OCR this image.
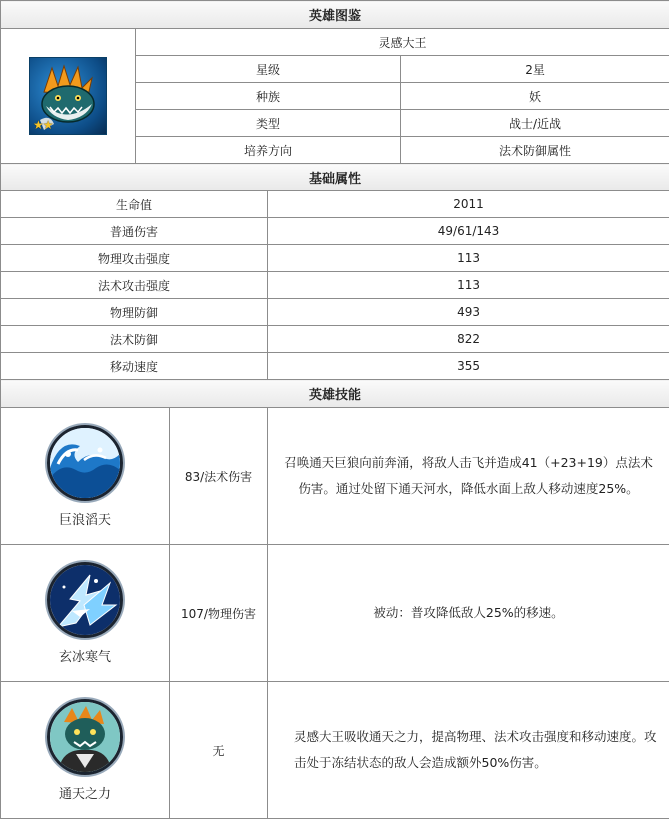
英雄图鉴				

★★	灵感大王			
	星级			2星
	种族			妖
	类型			战士/近战
	培养方向			法术防御属性
基础属性				
生命值			2011	
普通伤害			49/61/143	
物理攻击强度			113	
法术攻击强度			113	
物理防御			493	
法术防御			822	
移动速度			355	
英雄技能				

巨浪滔天		83/法术伤害	召唤通天巨狼向前奔涌，将敌人击飞并造成41（+23+19）点法术伤害。通过处留下通天河水，降低水面上敌人移动速度25%。	

玄冰寒气		107/物理伤害	被动：普攻降低敌人25%的移速。	

通天之力		无	灵感大王吸收通天之力，提高物理、法术攻击强度和移动速度。攻击处于冻结状态的敌人会造成额外50%伤害。	
